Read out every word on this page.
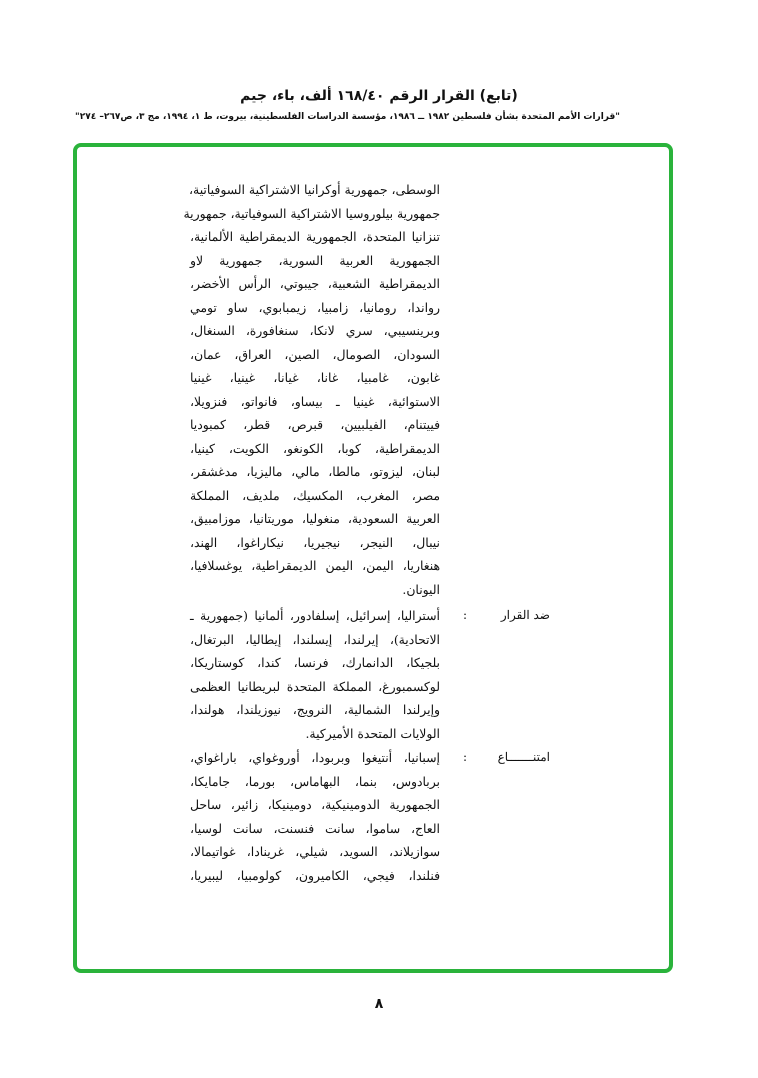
(تابع) القرار الرقم ١٦٨/٤٠ ألف، باء، جيم
"قرارات الأمم المتحدة بشأن فلسطين ١٩٨٢ ــ ١٩٨٦، مؤسسة الدراسات الفلسطينية، بيروت، ط ١، ١٩٩٤، مج ٣، ص٢٦٧– ٢٧٤"
الوسطى، جمهورية أوكرانيا الاشتراكية السوفياتية،
جمهورية بيلوروسيا الاشتراكية السوفياتية، جمهورية
تنزانيا المتحدة، الجمهورية الديمقراطية الألمانية،
الجمهورية العربية السورية، جمهورية لاو
الديمقراطية الشعبية، جيبوتي، الرأس الأخضر،
رواندا، رومانيا، زامبيا، زيمبابوي، ساو تومي
وبرينسيبي، سري لانكا، سنغافورة، السنغال،
السودان، الصومال، الصين، العراق، عمان،
غابون، غامبيا، غانا، غيانا، غينيا، غينيا
الاستوائية، غينيا ـ بيساو، فانواتو، فنزويلا،
فييتنام، الفيلبيين، قبرص، قطر، كمبوديا
الديمقراطية، كوبا، الكونغو، الكويت، كينيا،
لبنان، ليزوتو، مالطا، مالي، ماليزيا، مدغشقر،
مصر، المغرب، المكسيك، ملديف، المملكة
العربية السعودية، منغوليا، موريتانيا، موزامبيق،
نيبال، النيجر، نيجيريا، نيكاراغوا، الهند،
هنغاريا، اليمن، اليمن الديمقراطية، يوغسلافيا،
اليونان.
ضد القرار
:
أستراليا، إسرائيل، إسلفادور، ألمانيا (جمهورية ـ
الاتحادية)، إيرلندا، إيسلندا، إيطاليا، البرتغال،
بلجيكا، الدانمارك، فرنسا، كندا، كوستاريكا،
لوكسمبورغ، المملكة المتحدة لبريطانيا العظمى
وإيرلندا الشمالية، النرويج، نيوزيلندا، هولندا،
الولايات المتحدة الأميركية.
امتنـــــــاع
:
إسبانيا، أنتيغوا وبربودا، أوروغواي، باراغواي،
بربادوس، بنما، البهاماس، بورما، جامايكا،
الجمهورية الدومينيكية، دومينيكا، زائير، ساحل
العاج، ساموا، سانت فنسنت، سانت لوسيا،
سوازيلاند، السويد، شيلي، غرينادا، غواتيمالا،
فنلندا، فيجي، الكاميرون، كولومبيا، ليبيريا،
٨
